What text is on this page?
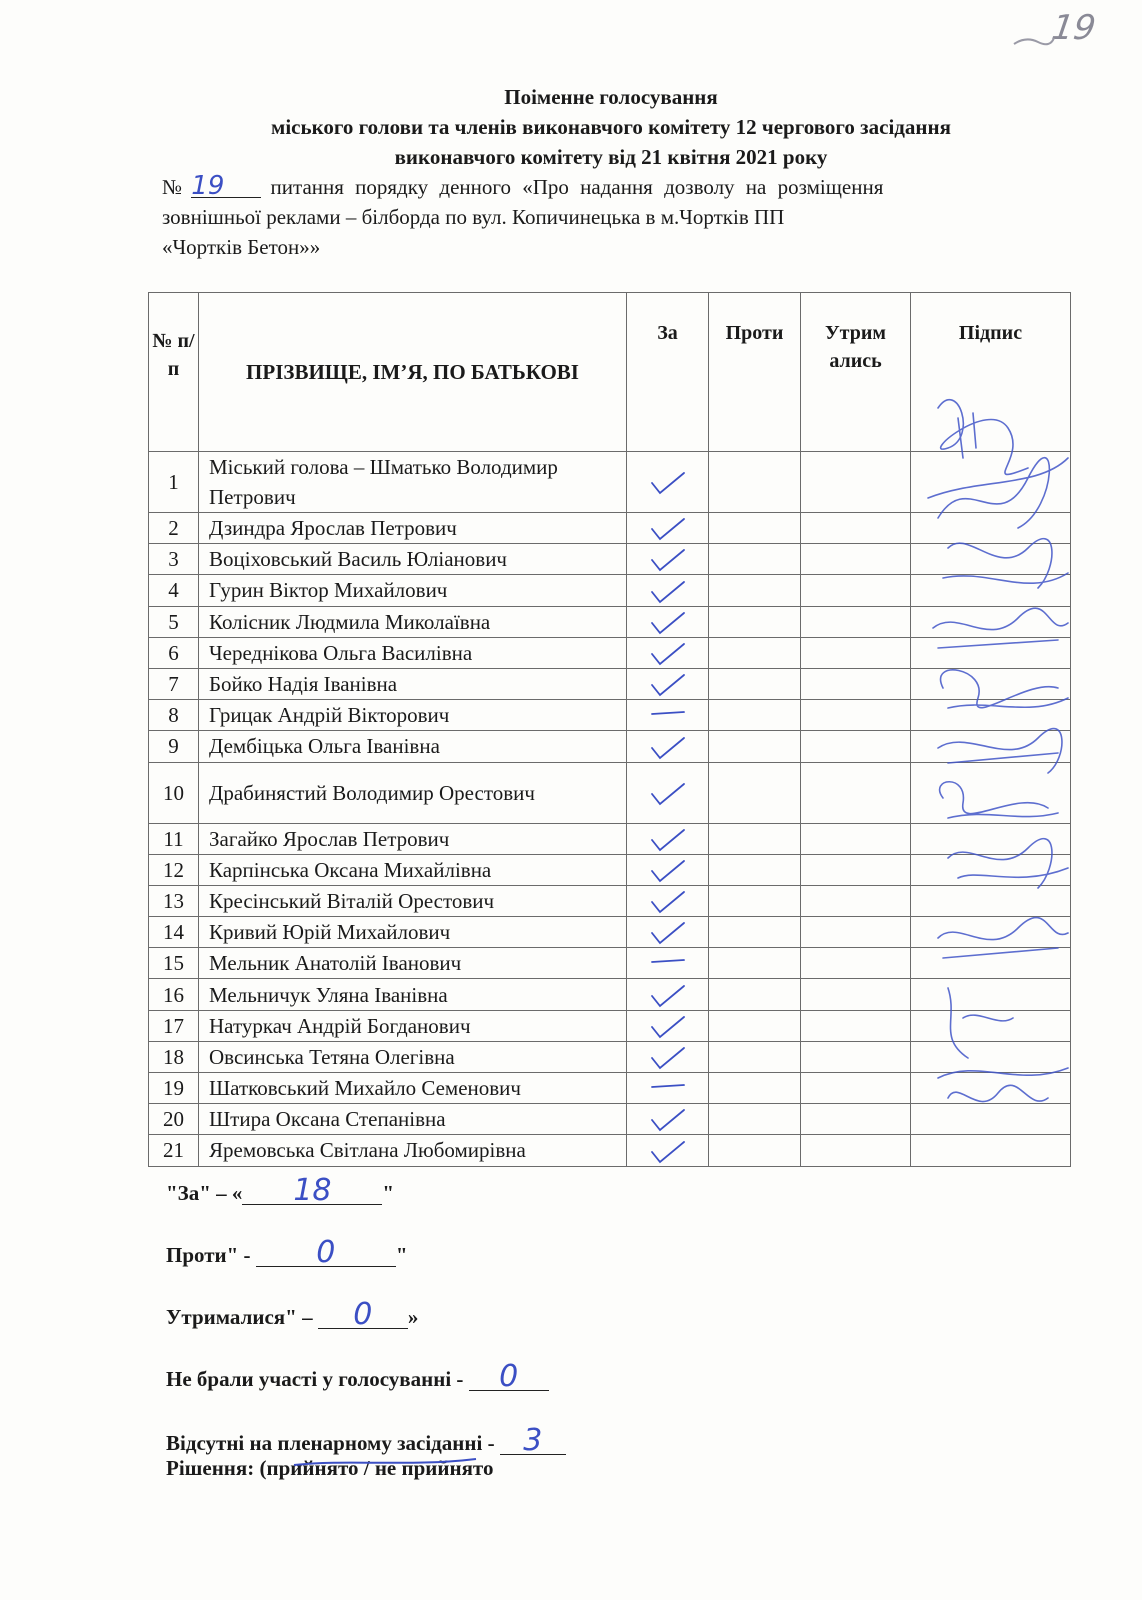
19
Поіменне голосування
міського голови та членів виконавчого комітету 12 чергового засідання
виконавчого комітету від 21 квітня 2021 року
№ 19 питання порядку денного «Про надання дозволу на розміщення
зовнішньої реклами – білборда по вул. Копичинецька в м.Чортків ПП
«Чортків Бетон»»
№ п/п	ПРІЗВИЩЕ, ІМ’Я, ПО БАТЬКОВІ	За	Проти	Утрим ались	Підпис
1	Міський голова – Шматько Володимир Петрович				
2	Дзиндра Ярослав Петрович				
3	Воціховський Василь Юліанович				
4	Гурин Віктор Михайлович				
5	Колісник Людмила Миколаївна				
6	Череднікова Ольга Василівна				
7	Бойко Надія Іванівна				
8	Грицак Андрій Вікторович				
9	Дембіцька Ольга Іванівна				
10	Драбинястий Володимир Орестович				
11	Загайко Ярослав Петрович				
12	Карпінська Оксана Михайлівна				
13	Кресінський Віталій Орестович				
14	Кривий Юрій Михайлович				
15	Мельник Анатолій Іванович				
16	Мельничук Уляна Іванівна				
17	Натуркач Андрій Богданович				
18	Овсинська Тетяна Олегівна				
19	Шатковський Михайло Семенович				
20	Штира Оксана Степанівна				
21	Яремовська Світлана Любомирівна				
"За" – « 18 "
Проти" - 0	"
Утрималися" – 0 »
Не брали участі у голосуванні - 0
Відсутні на пленарному засіданні - 3
Рішення: (прийнято / не прийнято
